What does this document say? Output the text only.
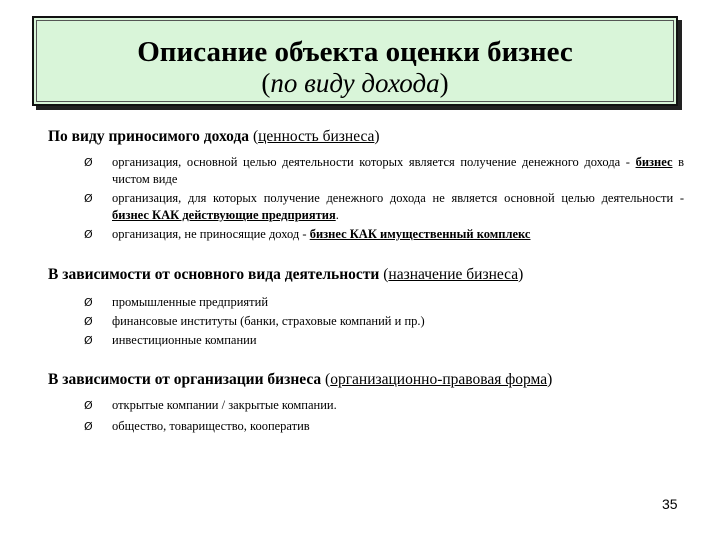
Описание объекта оценки бизнес
(по виду дохода)
По виду приносимого дохода (ценность бизнеса)
Ø организация, основной целью деятельности которых является получение денежного дохода - бизнес в чистом виде
Ø организация, для которых получение денежного дохода не является основной целью деятельности - бизнес КАК действующие предприятия.
Ø организация, не приносящие доход - бизнес КАК имущественный комплекс
В зависимости от основного вида деятельности (назначение бизнеса)
Ø промышленные предприятий
Ø финансовые институты (банки, страховые компаний и пр.)
Ø инвестиционные компании
В зависимости от организации бизнеса (организационно-правовая форма)
Ø открытые компании / закрытые компании.
Ø общество, товарищество, кооператив
35
